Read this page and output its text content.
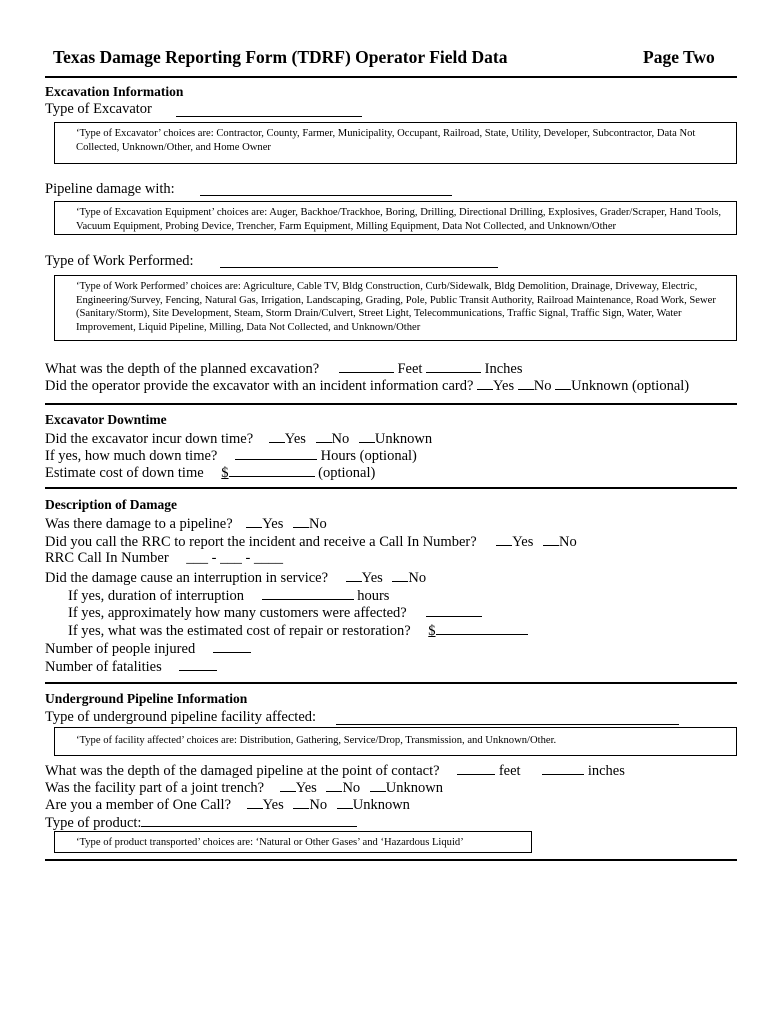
Texas Damage Reporting Form (TDRF) Operator Field Data	Page Two
Excavation Information
Type of Excavator
‘Type of Excavator’ choices are: Contractor, County, Farmer, Municipality, Occupant, Railroad, State, Utility, Developer, Subcontractor, Data Not Collected, Unknown/Other, and Home Owner
Pipeline damage with:
‘Type of Excavation Equipment’ choices are: Auger, Backhoe/Trackhoe, Boring, Drilling, Directional Drilling, Explosives, Grader/Scraper, Hand Tools, Vacuum Equipment, Probing Device, Trencher, Farm Equipment, Milling Equipment, Data Not Collected, and Unknown/Other
Type of Work Performed:
‘Type of Work Performed’ choices are: Agriculture, Cable TV, Bldg Construction, Curb/Sidewalk, Bldg Demolition, Drainage, Driveway, Electric, Engineering/Survey, Fencing, Natural Gas, Irrigation, Landscaping, Grading, Pole, Public Transit Authority, Railroad Maintenance, Road Work, Sewer (Sanitary/Storm), Site Development, Steam, Storm Drain/Culvert, Street Light, Telecommunications, Traffic Signal, Traffic Sign, Water, Water Improvement, Liquid Pipeline, Milling, Data Not Collected, and Unknown/Other
What was the depth of the planned excavation?	Feet	Inches
Did the operator provide the excavator with an incident information card? Yes No Unknown (optional)
Excavator Downtime
Did the excavator incur down time? Yes No Unknown
If yes, how much down time?	Hours (optional)
Estimate cost of down time $	(optional)
Description of Damage
Was there damage to a pipeline? Yes No
Did you call the RRC to report the incident and receive a Call In Number? Yes No
RRC Call In Number ___ - ___ - ____
Did the damage cause an interruption in service? Yes No
If yes, duration of interruption	hours
If yes, approximately how many customers were affected?
If yes, what was the estimated cost of repair or restoration? $
Number of people injured
Number of fatalities
Underground Pipeline Information
Type of underground pipeline facility affected:
‘Type of facility affected’ choices are: Distribution, Gathering, Service/Drop, Transmission, and Unknown/Other.
What was the depth of the damaged pipeline at the point of contact?	feet	inches
Was the facility part of a joint trench? Yes No Unknown
Are you a member of One Call? Yes No Unknown
Type of product:
‘Type of product transported’ choices are: ‘Natural or Other Gases’ and ‘Hazardous Liquid’
